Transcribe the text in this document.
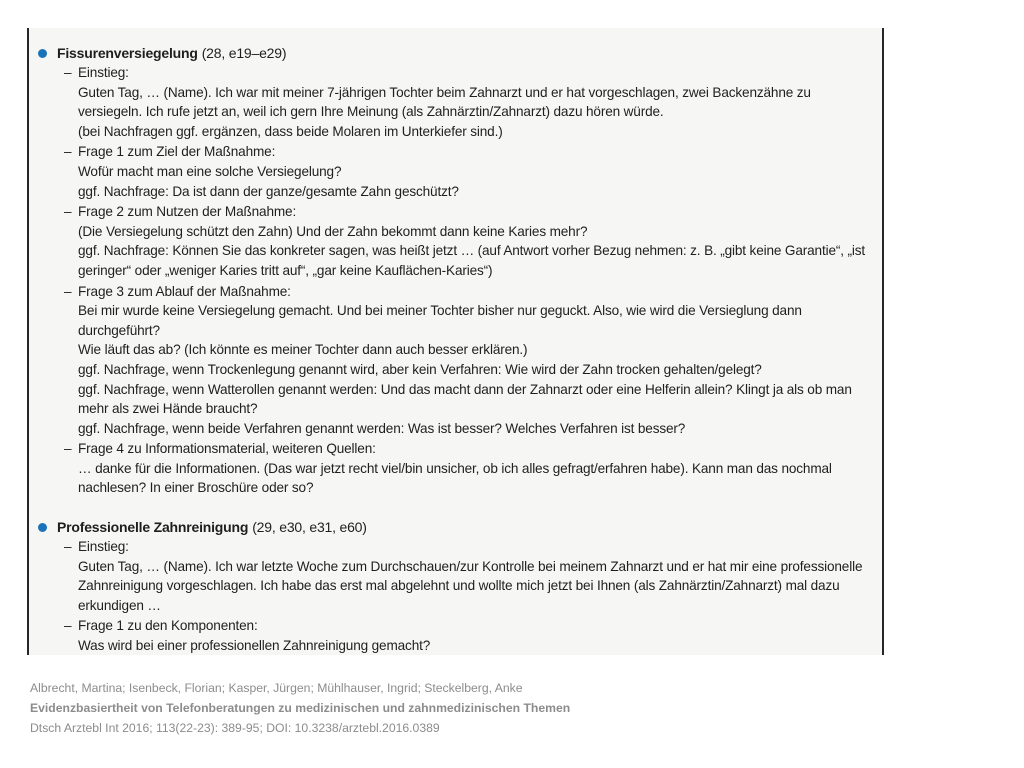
Fissurenversiegelung (28, e19–e29)
– Einstieg:
Guten Tag, … (Name). Ich war mit meiner 7-jährigen Tochter beim Zahnarzt und er hat vorgeschlagen, zwei Backenzähne zu versiegeln. Ich rufe jetzt an, weil ich gern Ihre Meinung (als Zahnärztin/Zahnarzt) dazu hören würde.
(bei Nachfragen ggf. ergänzen, dass beide Molaren im Unterkiefer sind.)
– Frage 1 zum Ziel der Maßnahme:
Wofür macht man eine solche Versiegelung?
ggf. Nachfrage: Da ist dann der ganze/gesamte Zahn geschützt?
– Frage 2 zum Nutzen der Maßnahme:
(Die Versiegelung schützt den Zahn) Und der Zahn bekommt dann keine Karies mehr?
ggf. Nachfrage: Können Sie das konkreter sagen, was heißt jetzt … (auf Antwort vorher Bezug nehmen: z. B. „gibt keine Garantie“, „ist geringer“ oder „weniger Karies tritt auf“, „gar keine Kauflächen-Karies“)
– Frage 3 zum Ablauf der Maßnahme:
Bei mir wurde keine Versiegelung gemacht. Und bei meiner Tochter bisher nur geguckt. Also, wie wird die Versieglung dann durchgeführt?
Wie läuft das ab? (Ich könnte es meiner Tochter dann auch besser erklären.)
ggf. Nachfrage, wenn Trockenlegung genannt wird, aber kein Verfahren: Wie wird der Zahn trocken gehalten/gelegt?
ggf. Nachfrage, wenn Watterollen genannt werden: Und das macht dann der Zahnarzt oder eine Helferin allein? Klingt ja als ob man mehr als zwei Hände braucht?
ggf. Nachfrage, wenn beide Verfahren genannt werden: Was ist besser? Welches Verfahren ist besser?
– Frage 4 zu Informationsmaterial, weiteren Quellen:
… danke für die Informationen. (Das war jetzt recht viel/bin unsicher, ob ich alles gefragt/erfahren habe). Kann man das nochmal nachlesen? In einer Broschüre oder so?
Professionelle Zahnreinigung (29, e30, e31, e60)
– Einstieg:
Guten Tag, … (Name). Ich war letzte Woche zum Durchschauen/zur Kontrolle bei meinem Zahnarzt und er hat mir eine professionelle Zahnreinigung vorgeschlagen. Ich habe das erst mal abgelehnt und wollte mich jetzt bei Ihnen (als Zahnärztin/Zahnarzt) mal dazu erkundigen …
– Frage 1 zu den Komponenten:
Was wird bei einer professionellen Zahnreinigung gemacht?
Albrecht, Martina; Isenbeck, Florian; Kasper, Jürgen; Mühlhauser, Ingrid; Steckelberg, Anke
Evidenzbasiertheit von Telefonberatungen zu medizinischen und zahnmedizinischen Themen
Dtsch Arztebl Int 2016; 113(22-23): 389-95; DOI: 10.3238/arztebl.2016.0389
